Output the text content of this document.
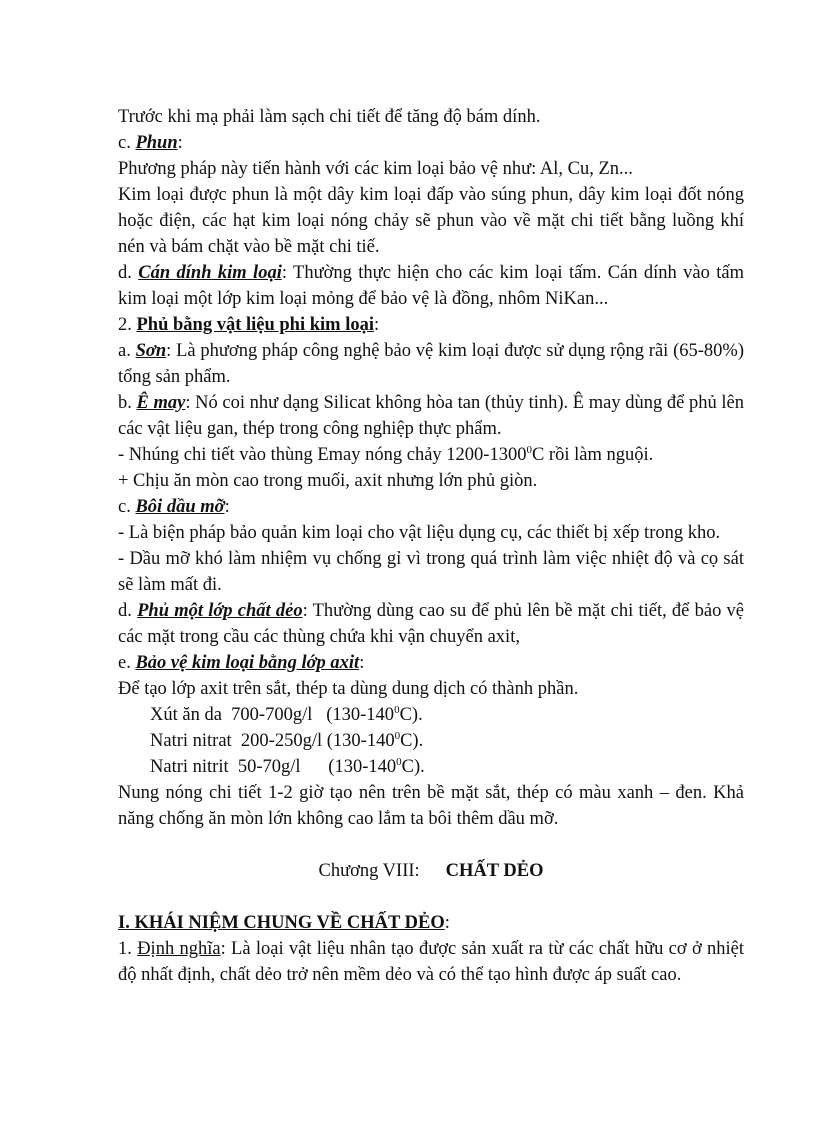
Trước khi mạ phải làm sạch chi tiết để tăng độ bám dính.

c. Phun:

Phương pháp này tiến hành với các kim loại bảo vệ như: Al, Cu, Zn...

Kim loại được phun là một dây kim loại đấp vào súng phun, dây kim loại đốt nóng hoặc điện, các hạt kim loại nóng chảy sẽ phun vào về mặt chi tiết bằng luồng khí nén và bám chặt vào bề mặt chi tiế.

d. Cán dính kim loại: Thường thực hiện cho các kim loại tấm. Cán dính vào tấm kim loại một lớp kim loại mỏng để bảo vệ là đồng, nhôm NiKan...

2. Phủ bằng vật liệu phi kim loại:

a. Sơn: Là phương pháp công nghệ bảo vệ kim loại được sử dụng rộng rãi (65-80%) tổng sản phẩm.

b. Ê may: Nó coi như dạng Silicat không hòa tan (thủy tinh). Ê may dùng để phủ lên các vật liệu gan, thép trong công nghiệp thực phẩm.

- Nhúng chi tiết vào thùng Emay nóng chảy 1200-1300$^0$C rồi làm nguội.

+ Chịu ăn mòn cao trong muối, axit nhưng lớn phủ giòn.

c. Bôi dầu mỡ:

- Là biện pháp bảo quản kim loại cho vật liệu dụng cụ, các thiết bị xếp trong kho.

- Dầu mỡ khó làm nhiệm vụ chống gỉ vì trong quá trình làm việc nhiệt độ và cọ sát sẽ làm mất đi.

d. Phủ một lớp chất dẻo: Thường dùng cao su để phủ lên bề mặt chi tiết, để bảo vệ các mặt trong cầu các thùng chứa khi vận chuyển axit,

e. Bảo vệ kim loại bằng lớp axit:

Để tạo lớp axit trên sắt, thép ta dùng dung dịch có thành phần.

Xút ăn da  700-700g/l   $(130-140^0C)$.

Natri nitrat  200-250g/l $(130-140^0C)$.

Natri nitrit  50-70g/l      $(130-140^0C)$.

Nung nóng chi tiết 1-2 giờ tạo nên trên bề mặt sắt, thép có màu xanh – đen. Khả năng chống ăn mòn lớn không cao lắm ta bôi thêm dầu mỡ.

Chương VIII: CHẤT DẺO

I. KHÁI NIỆM CHUNG VỀ CHẤT DẺO:

1. Định nghĩa: Là loại vật liệu nhân tạo được sản xuất ra từ các chất hữu cơ ở nhiệt độ nhất định, chất dẻo trở nên mềm dẻo và có thể tạo hình được áp suất cao.
